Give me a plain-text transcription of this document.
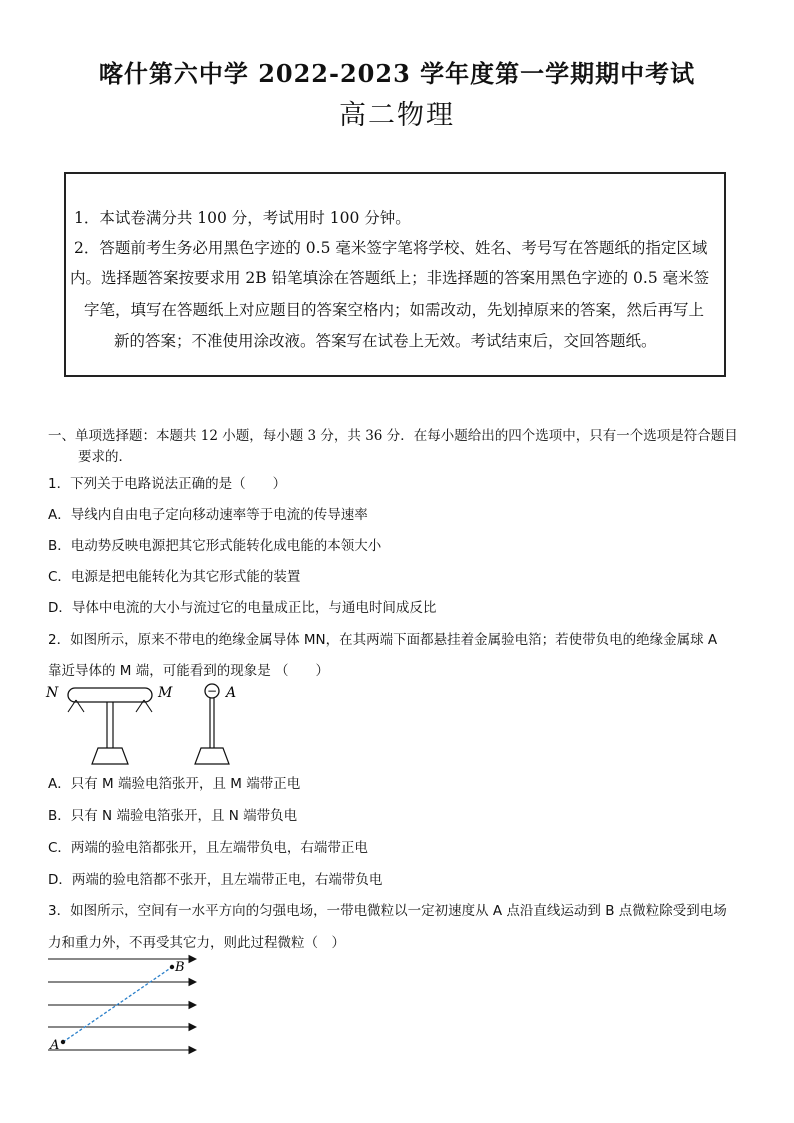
喀什第六中学 2022-2023 学年度第一学期期中考试
高二物理
1．本试卷满分共 100 分，考试用时 100 分钟。
2．答题前考生务必用黑色字迹的 0.5 毫米签字笔将学校、姓名、考号写在答题纸的指定区域
内。选择题答案按要求用 2B 铅笔填涂在答题纸上；非选择题的答案用黑色字迹的 0.5 毫米签
字笔，填写在答题纸上对应题目的答案空格内；如需改动，先划掉原来的答案，然后再写上
新的答案；不准使用涂改液。答案写在试卷上无效。考试结束后，交回答题纸。
一、单项选择题：本题共 12 小题，每小题 3 分，共 36 分．在每小题给出的四个选项中，只有一个选项是符合题目
要求的．
1．下列关于电路说法正确的是（　　）
A．导线内自由电子定向移动速率等于电流的传导速率
B．电动势反映电源把其它形式能转化成电能的本领大小
C．电源是把电能转化为其它形式能的装置
D．导体中电流的大小与流过它的电量成正比，与通电时间成反比
2．如图所示，原来不带电的绝缘金属导体 MN，在其两端下面都悬挂着金属验电箔；若使带负电的绝缘金属球 A
靠近导体的 M 端，可能看到的现象是 （　　）
−
N	M	A
A．只有 M 端验电箔张开，且 M 端带正电
B．只有 N 端验电箔张开，且 N 端带负电
C．两端的验电箔都张开，且左端带负电，右端带正电
D．两端的验电箔都不张开，且左端带正电，右端带负电
3．如图所示，空间有一水平方向的匀强电场，一带电微粒以一定初速度从 A 点沿直线运动到 B 点微粒除受到电场
力和重力外，不再受其它力，则此过程微粒（　）
A
B
